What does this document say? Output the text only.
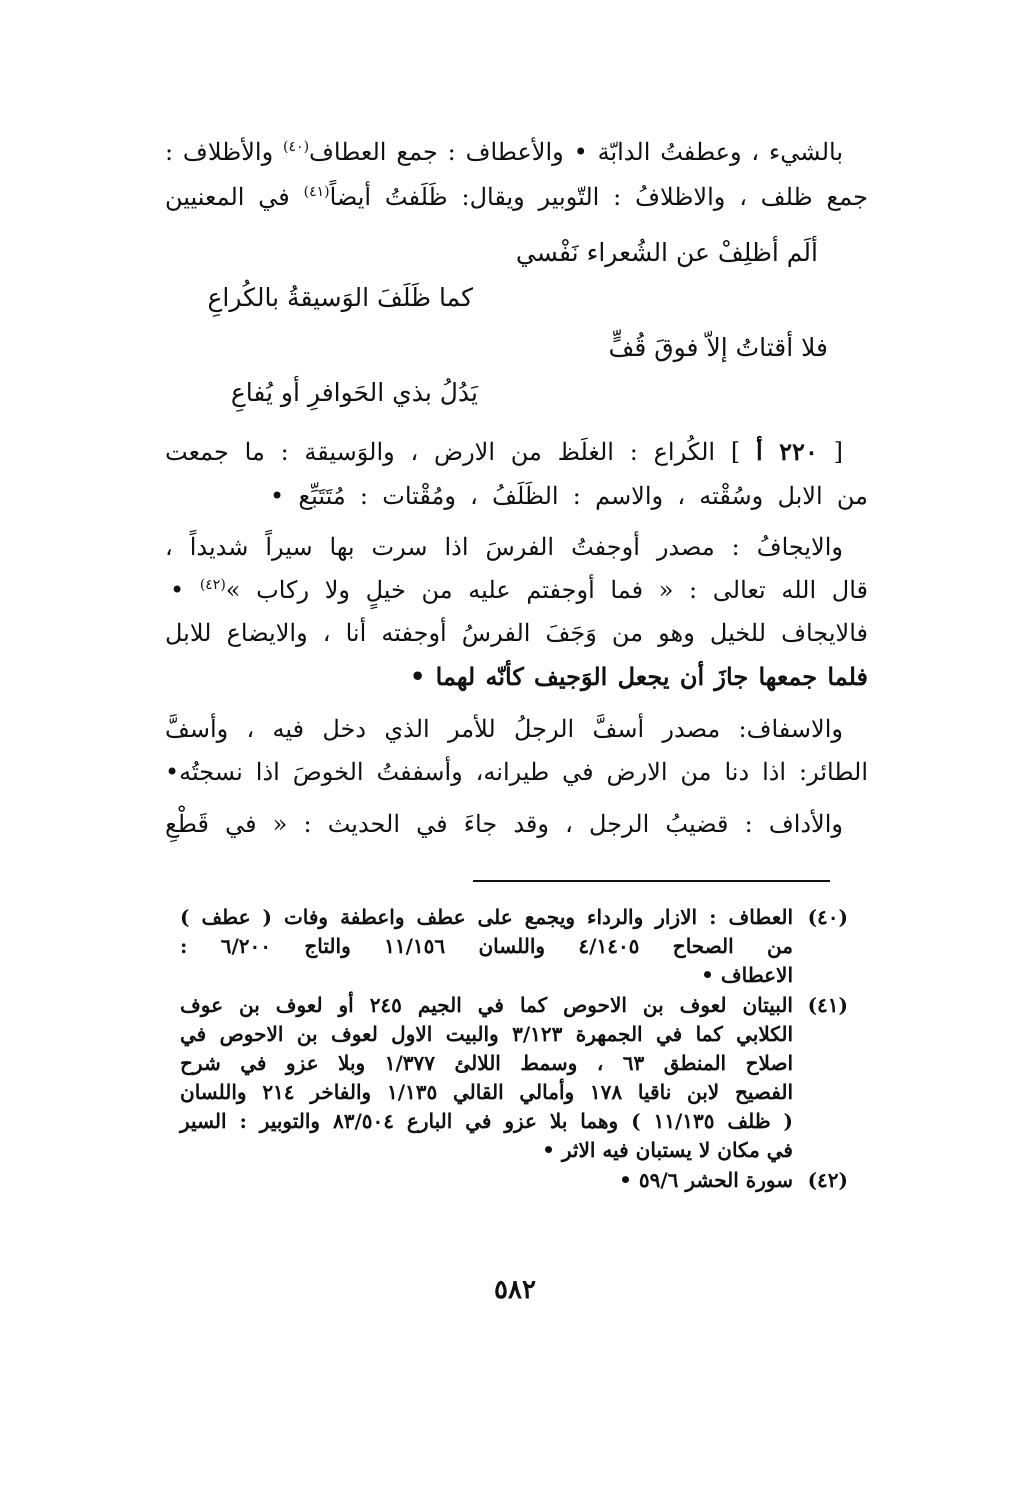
بالشيء ، وعطفتُ الدابّة • والأعطاف : جمع العطاف$^{(٤٠)}$ والأظلاف :
جمع ظلف ، والاظلافُ : التّوبير ويقال: ظَلَفتُ أيضاً$^{(٤١)}$ في المعنيين
ألَم أظلِفْ عن الشُعراء نَفْسي
كما ظَلَفَ الوَسيقةُ بالكُراعِ
فلا أقتاتُ إلاّ فوقَ قُفٍّ
يَدُلُ بذي الحَوافرِ أو يُفاعِ
[ ٢٢٠ أ ] الكُراع : الغلَظ من الارض ، والوَسيقة : ما جمعت
من الابل وسُقْته ، والاسم : الظَلَفُ ، ومُقْتات : مُتَتَبِّع •
والايجافُ : مصدر أوجفتُ الفرسَ اذا سرت بها سيراً شديداً ،
قال الله تعالى : « فما أوجفتم عليه من خيلٍ ولا ركاب »$^{(٤٢)}$ •
فالايجاف للخيل وهو من وَجَفَ الفرسُ أوجفته أنا ، والايضاع للابل
فلما جمعها جازَ أن يجعل الوَجيف كأنّه لهما •
والاسفاف: مصدر أسفَّ الرجلُ للأمر الذي دخل فيه ، وأسفَّ
الطائر: اذا دنا من الارض في طيرانه، وأسففتُ الخوصَ اذا نسجتُه•
والأداف : قضيبُ الرجل ، وقد جاءَ في الحديث : « في قَطْعِ
(٤٠)
العطاف : الازار والرداء ويجمع على عطف واعطفة وفات ( عطف )
من الصحاح ٤/١٤٠٥ واللسان ١١/١٥٦ والتاج ٦/٢٠٠ :
الاعطاف •
(٤١)
البيتان لعوف بن الاحوص كما في الجيم ٢٤٥ أو لعوف بن عوف
الكلابي كما في الجمهرة ٣/١٢٣ والبيت الاول لعوف بن الاحوص في
اصلاح المنطق ٦٣ ، وسمط اللالئ ١/٣٧٧ وبلا عزو في شرح
الفصيح لابن ناقيا ١٧٨ وأمالي القالي ١/١٣٥ والفاخر ٢١٤ واللسان
( ظلف ١١/١٣٥ ) وهما بلا عزو في البارع ٨٣/٥٠٤ والتوبير : السير
في مكان لا يستبان فيه الاثر •
(٤٢)
سورة الحشر ٥٩/٦ •
٥٨٢
